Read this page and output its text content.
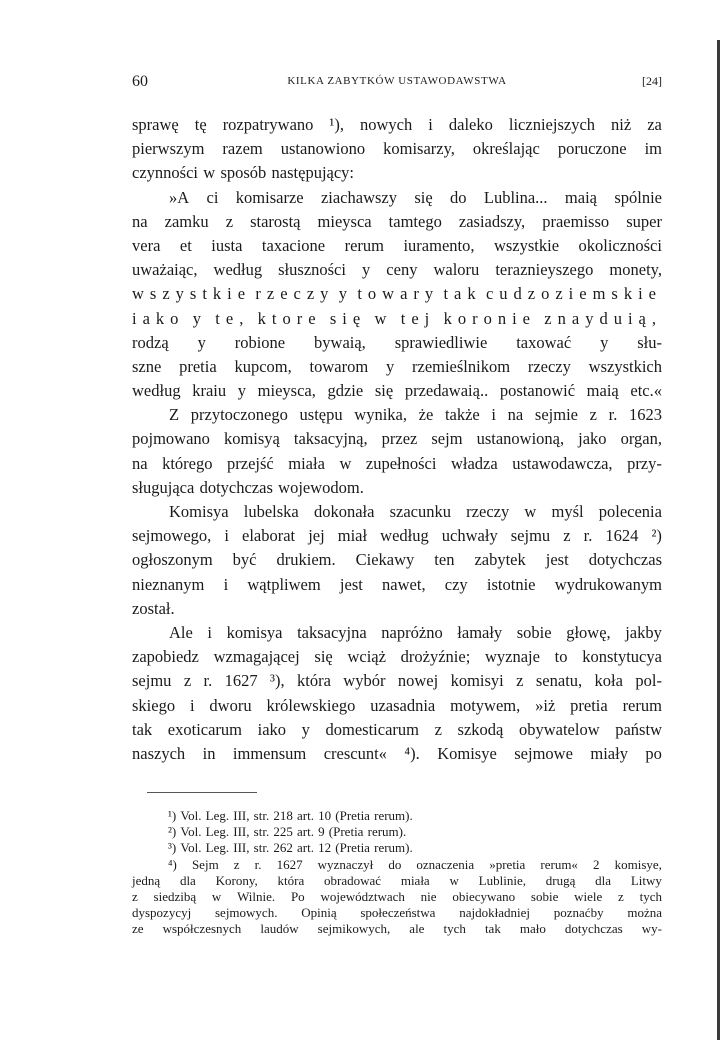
60	KILKA ZABYTKÓW USTAWODAWSTWA	[24]
sprawę tę rozpatrywano ¹), nowych i daleko liczniejszych niż za
pierwszym razem ustanowiono komisarzy, określając poruczone im
czynności w sposób następujący:
»A ci komisarze ziachawszy się do Lublina... maią spólnie
na zamku z starostą mieysca tamtego zasiadszy, praemisso super
vera et iusta taxacione rerum iuramento, wszystkie okoliczności
uważaiąc, według słuszności y ceny waloru teraznieyszego monety,
wszystkie rzeczy y towary tak cudzoziemskie
iako y te, ktore się w tej koronie znayduią,
rodzą y robione bywaią, sprawiedliwie taxować y słu-
szne pretia kupcom, towarom y rzemieślnikom rzeczy wszystkich
według kraiu y mieysca, gdzie się przedawaią.. postanowić maią etc.«
Z przytoczonego ustępu wynika, że także i na sejmie z r. 1623
pojmowano komisyą taksacyjną, przez sejm ustanowioną, jako organ,
na którego przejść miała w zupełności władza ustawodawcza, przy-
sługująca dotychczas wojewodom.
Komisya lubelska dokonała szacunku rzeczy w myśl polecenia
sejmowego, i elaborat jej miał według uchwały sejmu z r. 1624 ²)
ogłoszonym być drukiem. Ciekawy ten zabytek jest dotychczas
nieznanym i wątpliwem jest nawet, czy istotnie wydrukowanym
został.
Ale i komisya taksacyjna napróżno łamały sobie głowę, jakby
zapobiedz wzmagającej się wciąż drożyźnie; wyznaje to konstytucya
sejmu z r. 1627 ³), która wybór nowej komisyi z senatu, koła pol-
skiego i dworu królewskiego uzasadnia motywem, »iż pretia rerum
tak exoticarum iako y domesticarum z szkodą obywatelow państw
naszych in immensum crescunt« ⁴). Komisye sejmowe miały po
¹) Vol. Leg. III, str. 218 art. 10 (Pretia rerum).
²) Vol. Leg. III, str. 225 art. 9 (Pretia rerum).
³) Vol. Leg. III, str. 262 art. 12 (Pretia rerum).
⁴) Sejm z r. 1627 wyznaczył do oznaczenia »pretia rerum« 2 komisye,
jedną dla Korony, która obradować miała w Lublinie, drugą dla Litwy
z siedzibą w Wilnie. Po województwach nie obiecywano sobie wiele z tych
dyspozycyj sejmowych. Opinią społeczeństwa najdokładniej poznaćby można
ze współczesnych laudów sejmikowych, ale tych tak mało dotychczas wy-
